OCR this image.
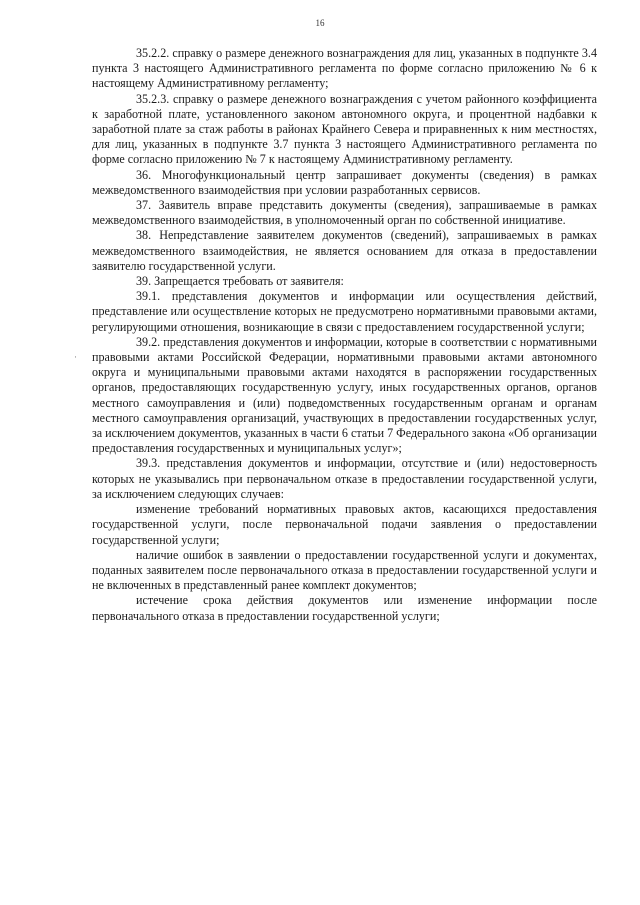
16
·

35.2.2. справку о размере денежного вознаграждения для лиц, указанных в подпункте 3.4 пункта 3 настоящего Административного регламента по форме согласно приложению № 6 к настоящему Административному регламенту;

35.2.3. справку о размере денежного вознаграждения с учетом районного коэффициента к заработной плате, установленного законом автономного округа, и процентной надбавки к заработной плате за стаж работы в районах Крайнего Севера и приравненных к ним местностях, для лиц, указанных в подпункте 3.7 пункта 3 настоящего Административного регламента по форме согласно приложению № 7 к настоящему Административному регламенту.

36. Многофункциональный центр запрашивает документы (сведения) в рамках межведомственного взаимодействия при условии разработанных сервисов.

37. Заявитель вправе представить документы (сведения), запрашиваемые в рамках межведомственного взаимодействия, в уполномоченный орган по собственной инициативе.

38. Непредставление заявителем документов (сведений), запрашиваемых в рамках межведомственного взаимодействия, не является основанием для отказа в предоставлении заявителю государственной услуги.

39. Запрещается требовать от заявителя:

39.1. представления документов и информации или осуществления действий, представление или осуществление которых не предусмотрено нормативными правовыми актами, регулирующими отношения, возникающие в связи с предоставлением государственной услуги;

39.2. представления документов и информации, которые в соответствии с нормативными правовыми актами Российской Федерации, нормативными правовыми актами автономного округа и муниципальными правовыми актами находятся в распоряжении государственных органов, предоставляющих государственную услугу, иных государственных органов, органов местного самоуправления и (или) подведомственных государственным органам и органам местного самоуправления организаций, участвующих в предоставлении государственных услуг, за исключением документов, указанных в части 6 статьи 7 Федерального закона «Об организации предоставления государственных и муниципальных услуг»;

39.3. представления документов и информации, отсутствие и (или) недостоверность которых не указывались при первоначальном отказе в предоставлении государственной услуги, за исключением следующих случаев:

изменение требований нормативных правовых актов, касающихся предоставления государственной услуги, после первоначальной подачи заявления о предоставлении государственной услуги;

наличие ошибок в заявлении о предоставлении государственной услуги и документах, поданных заявителем после первоначального отказа в предоставлении государственной услуги и не включенных в представленный ранее комплект документов;

истечение срока действия документов или изменение информации после первоначального отказа в предоставлении государственной услуги;
